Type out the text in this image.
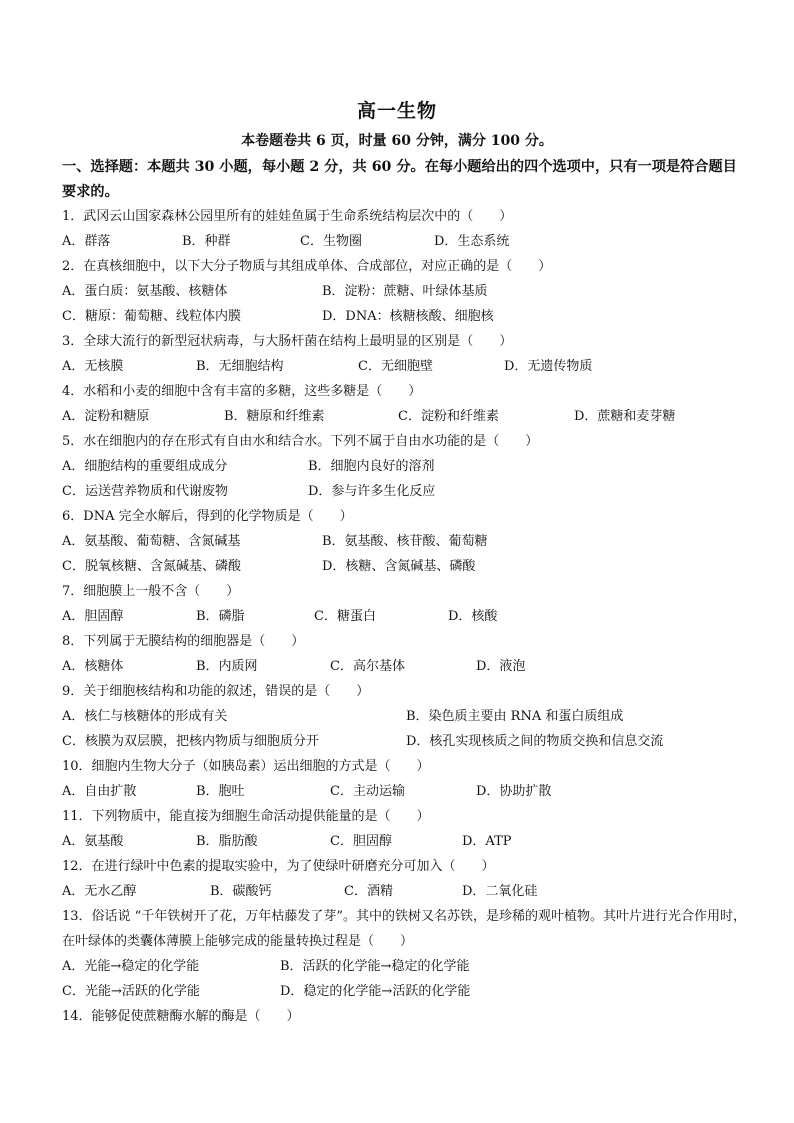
高一生物
本卷题卷共 6 页，时量 60 分钟，满分 100 分。
一、选择题：本题共 30 小题，每小题 2 分，共 60 分。在每小题给出的四个选项中，只有一项是符合题目要求的。
1．武冈云山国家森林公园里所有的娃娃鱼属于生命系统结构层次中的（　　）
A．群落	B．种群	C．生物圈	D．生态系统
2．在真核细胞中，以下大分子物质与其组成单体、合成部位，对应正确的是（　　）
A．蛋白质：氨基酸、核糖体	B．淀粉：蔗糖、叶绿体基质
C．糖原：葡萄糖、线粒体内膜	D．DNA：核糖核酸、细胞核
3．全球大流行的新型冠状病毒，与大肠杆菌在结构上最明显的区别是（　　）
A．无核膜	B．无细胞结构	C．无细胞壁	D．无遗传物质
4．水稻和小麦的细胞中含有丰富的多糖，这些多糖是（　　）
A．淀粉和糖原	B．糖原和纤维素	C．淀粉和纤维素	D．蔗糖和麦芽糖
5．水在细胞内的存在形式有自由水和结合水。下列不属于自由水功能的是（　　）
A．细胞结构的重要组成成分	B．细胞内良好的溶剂
C．运送营养物质和代谢废物	D．参与许多生化反应
6．DNA 完全水解后，得到的化学物质是（　　）
A．氨基酸、葡萄糖、含氮碱基	B．氨基酸、核苷酸、葡萄糖
C．脱氧核糖、含氮碱基、磷酸	D．核糖、含氮碱基、磷酸
7．细胞膜上一般不含（　　）
A．胆固醇	B．磷脂	C．糖蛋白	D．核酸
8．下列属于无膜结构的细胞器是（　　）
A．核糖体	B．内质网	C．高尔基体	D．液泡
9．关于细胞核结构和功能的叙述，错误的是（　　）
A．核仁与核糖体的形成有关	B．染色质主要由 RNA 和蛋白质组成
C．核膜为双层膜，把核内物质与细胞质分开	D．核孔实现核质之间的物质交换和信息交流
10．细胞内生物大分子（如胰岛素）运出细胞的方式是（　　）
A．自由扩散	B．胞吐	C．主动运输	D．协助扩散
11．下列物质中，能直接为细胞生命活动提供能量的是（　　）
A．氨基酸	B．脂肪酸	C．胆固醇	D．ATP
12．在进行绿叶中色素的提取实验中，为了使绿叶研磨充分可加入（　　）
A．无水乙醇	B．碳酸钙	C．酒精	D．二氧化硅
13．俗话说 “千年铁树开了花，万年枯藤发了芽”。其中的铁树又名苏铁，是珍稀的观叶植物。其叶片进行光合作用时，在叶绿体的类囊体薄膜上能够完成的能量转换过程是（　　）
A．光能→稳定的化学能	B．活跃的化学能→稳定的化学能
C．光能→活跃的化学能	D．稳定的化学能→活跃的化学能
14．能够促使蔗糖酶水解的酶是（　　）
